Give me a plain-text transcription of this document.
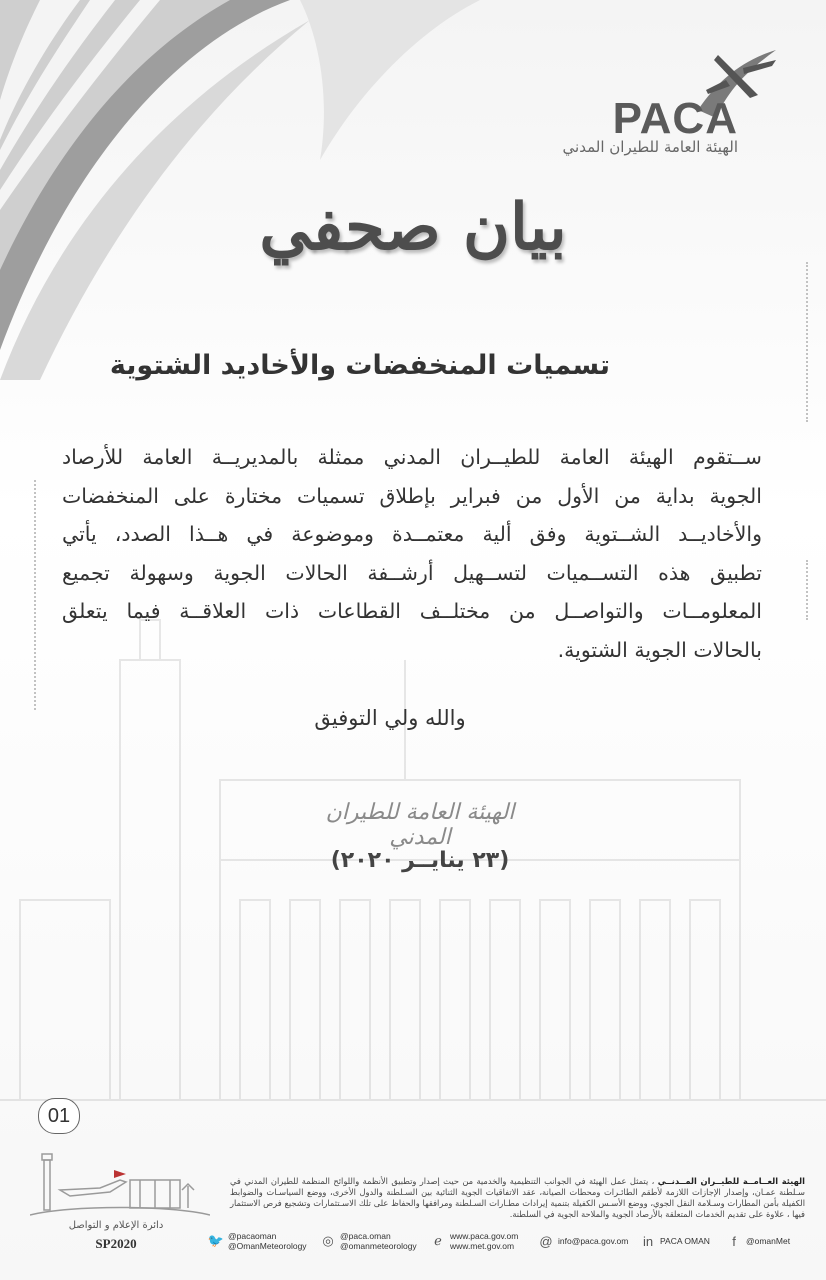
PACA
الهيئة العامة للطيران المدني
بيان صحفي
تسميات المنخفضات والأخاديد الشتوية
ســتقوم الهيئة العامة للطيــران المدني ممثلة بالمديريــة العامة للأرصاد
الجوية بداية من الأول من فبراير بإطلاق تسميات مختارة على المنخفضات
والأخاديــد الشــتوية وفق ألية معتمــدة وموضوعة في هــذا الصدد، يأتي
تطبيق هذه التســميات لتســهيل أرشــفة الحالات الجوية وسهولة تجميع
المعلومــات والتواصــل من مختلــف القطاعات ذات العلاقــة فيما يتعلق
بالحالات الجوية الشتوية.
والله ولي التوفيق
الهيئة العامة للطيران المدني
(٢٣ ينايــر ٢٠٢٠)
01
دائرة الإعلام و التواصل
SP2020
الهيئة العــامــة للطيــران المــدنــي ، يتمثل عمل الهيئة في الجوانب التنظيمية والخدمية من حيث إصدار وتطبيق الأنظمة واللوائح المنظمة للطيران المدني في سـلطنة عمـان، وإصدار الإجازات اللازمة لأطقم الطائـرات ومحطات الصيانة، عقد الاتفاقيات الجوية الثنائية بين السـلطنة والدول الأخرى، ووضع السياسـات والضوابط الكفيلة بأمن المطارات وسـلامة النقل الجوي، ووضع الأسـس الكفيلة بتنمية إيرادات مطـارات السـلطنة ومرافقها والحفاظ على تلك الاسـتثمارات وتشجيع فرص الاستثمار فيها ، علاوة على تقديم الخدمات المتعلقة بالأرصاد الجوية والملاحة الجوية في السلطنة.
🐦 @pacaoman
@OmanMeteorology ◎ @paca.oman
@omanmeteorology	ℯ www.paca.gov.om
www.met.gov.om	@ info@paca.gov.om in PACA OMAN	f	@omanMet
